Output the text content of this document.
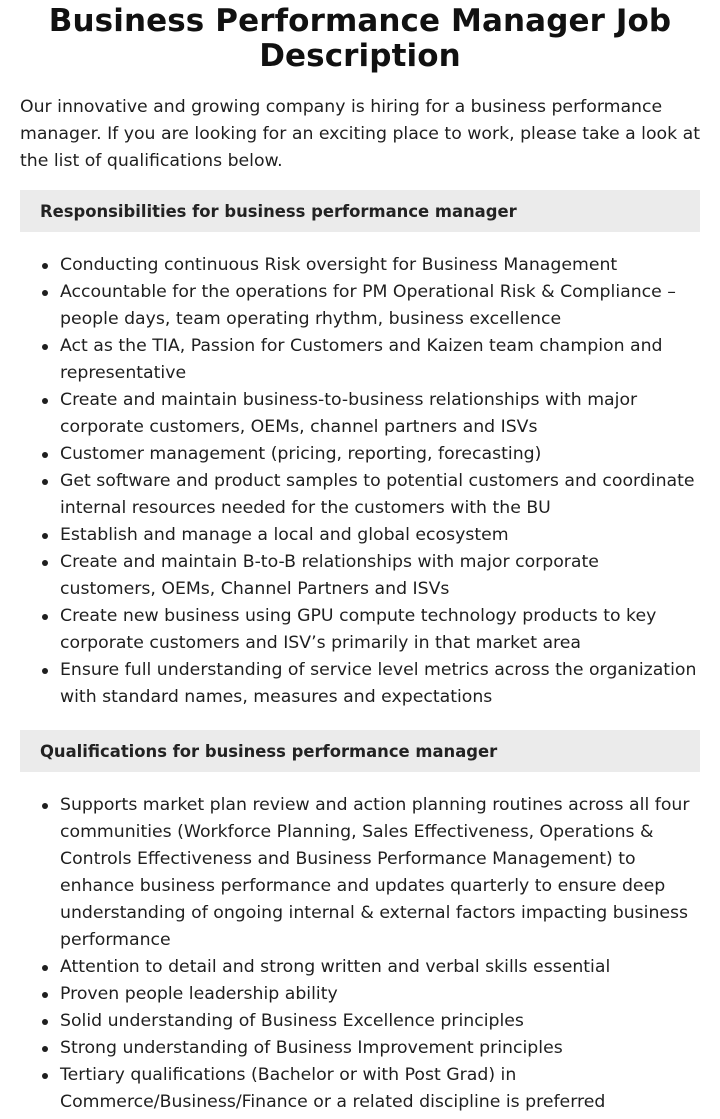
Business Performance Manager Job Description

Our innovative and growing company is hiring for a business performance manager. If you are looking for an exciting place to work, please take a look at the list of qualifications below.

Responsibilities for business performance manager
Conducting continuous Risk oversight for Business Management
Accountable for the operations for PM Operational Risk & Compliance – people days, team operating rhythm, business excellence
Act as the TIA, Passion for Customers and Kaizen team champion and representative
Create and maintain business-to-business relationships with major corporate customers, OEMs, channel partners and ISVs
Customer management (pricing, reporting, forecasting)
Get software and product samples to potential customers and coordinate internal resources needed for the customers with the BU
Establish and manage a local and global ecosystem
Create and maintain B-to-B relationships with major corporate customers, OEMs, Channel Partners and ISVs
Create new business using GPU compute technology products to key corporate customers and ISV’s primarily in that market area
Ensure full understanding of service level metrics across the organization with standard names, measures and expectations
Qualifications for business performance manager
Supports market plan review and action planning routines across all four communities (Workforce Planning, Sales Effectiveness, Operations & Controls Effectiveness and Business Performance Management) to enhance business performance and updates quarterly to ensure deep understanding of ongoing internal & external factors impacting business performance
Attention to detail and strong written and verbal skills essential
Proven people leadership ability
Solid understanding of Business Excellence principles
Strong understanding of Business Improvement principles
Tertiary qualifications (Bachelor or with Post Grad) in Commerce/Business/Finance or a related discipline is preferred
